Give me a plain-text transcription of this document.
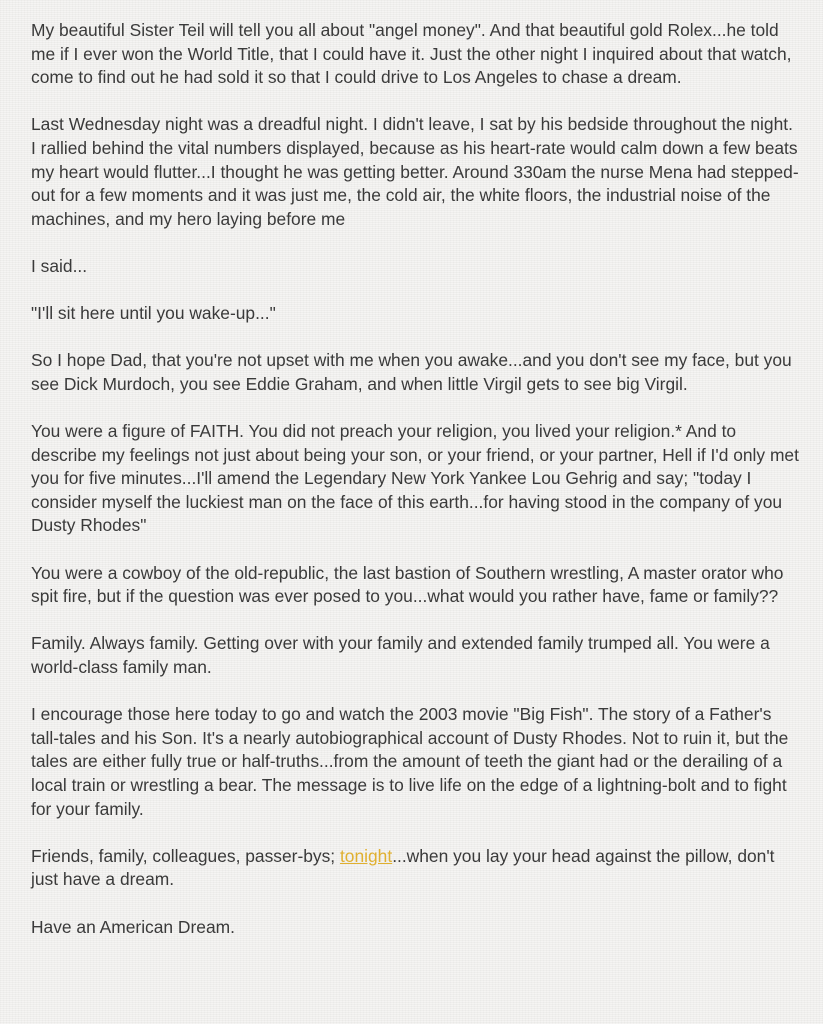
My beautiful Sister Teil will tell you all about "angel money". And that beautiful gold Rolex...he told me if I ever won the World Title, that I could have it. Just the other night I inquired about that watch, come to find out he had sold it so that I could drive to Los Angeles to chase a dream.

Last Wednesday night was a dreadful night. I didn't leave, I sat by his bedside throughout the night. I rallied behind the vital numbers displayed, because as his heart-rate would calm down a few beats my heart would flutter...I thought he was getting better. Around 330am the nurse Mena had stepped-out for a few moments and it was just me, the cold air, the white floors, the industrial noise of the machines, and my hero laying before me

I said...

"I'll sit here until you wake-up..."

So I hope Dad, that you're not upset with me when you awake...and you don't see my face, but you see Dick Murdoch, you see Eddie Graham, and when little Virgil gets to see big Virgil.

You were a figure of FAITH. You did not preach your religion, you lived your religion.* And to describe my feelings not just about being your son, or your friend, or your partner, Hell if I'd only met you for five minutes...I'll amend the Legendary New York Yankee Lou Gehrig and say; "today I consider myself the luckiest man on the face of this earth...for having stood in the company of you Dusty Rhodes"

You were a cowboy of the old-republic, the last bastion of Southern wrestling, A master orator who spit fire, but if the question was ever posed to you...what would you rather have, fame or family??

Family. Always family. Getting over with your family and extended family trumped all. You were a world-class family man.

I encourage those here today to go and watch the 2003 movie "Big Fish". The story of a Father's tall-tales and his Son. It's a nearly autobiographical account of Dusty Rhodes. Not to ruin it, but the tales are either fully true or half-truths...from the amount of teeth the giant had or the derailing of a local train or wrestling a bear. The message is to live life on the edge of a lightning-bolt and to fight for your family.

Friends, family, colleagues, passer-bys; tonight...when you lay your head against the pillow, don't just have a dream.

Have an American Dream.
